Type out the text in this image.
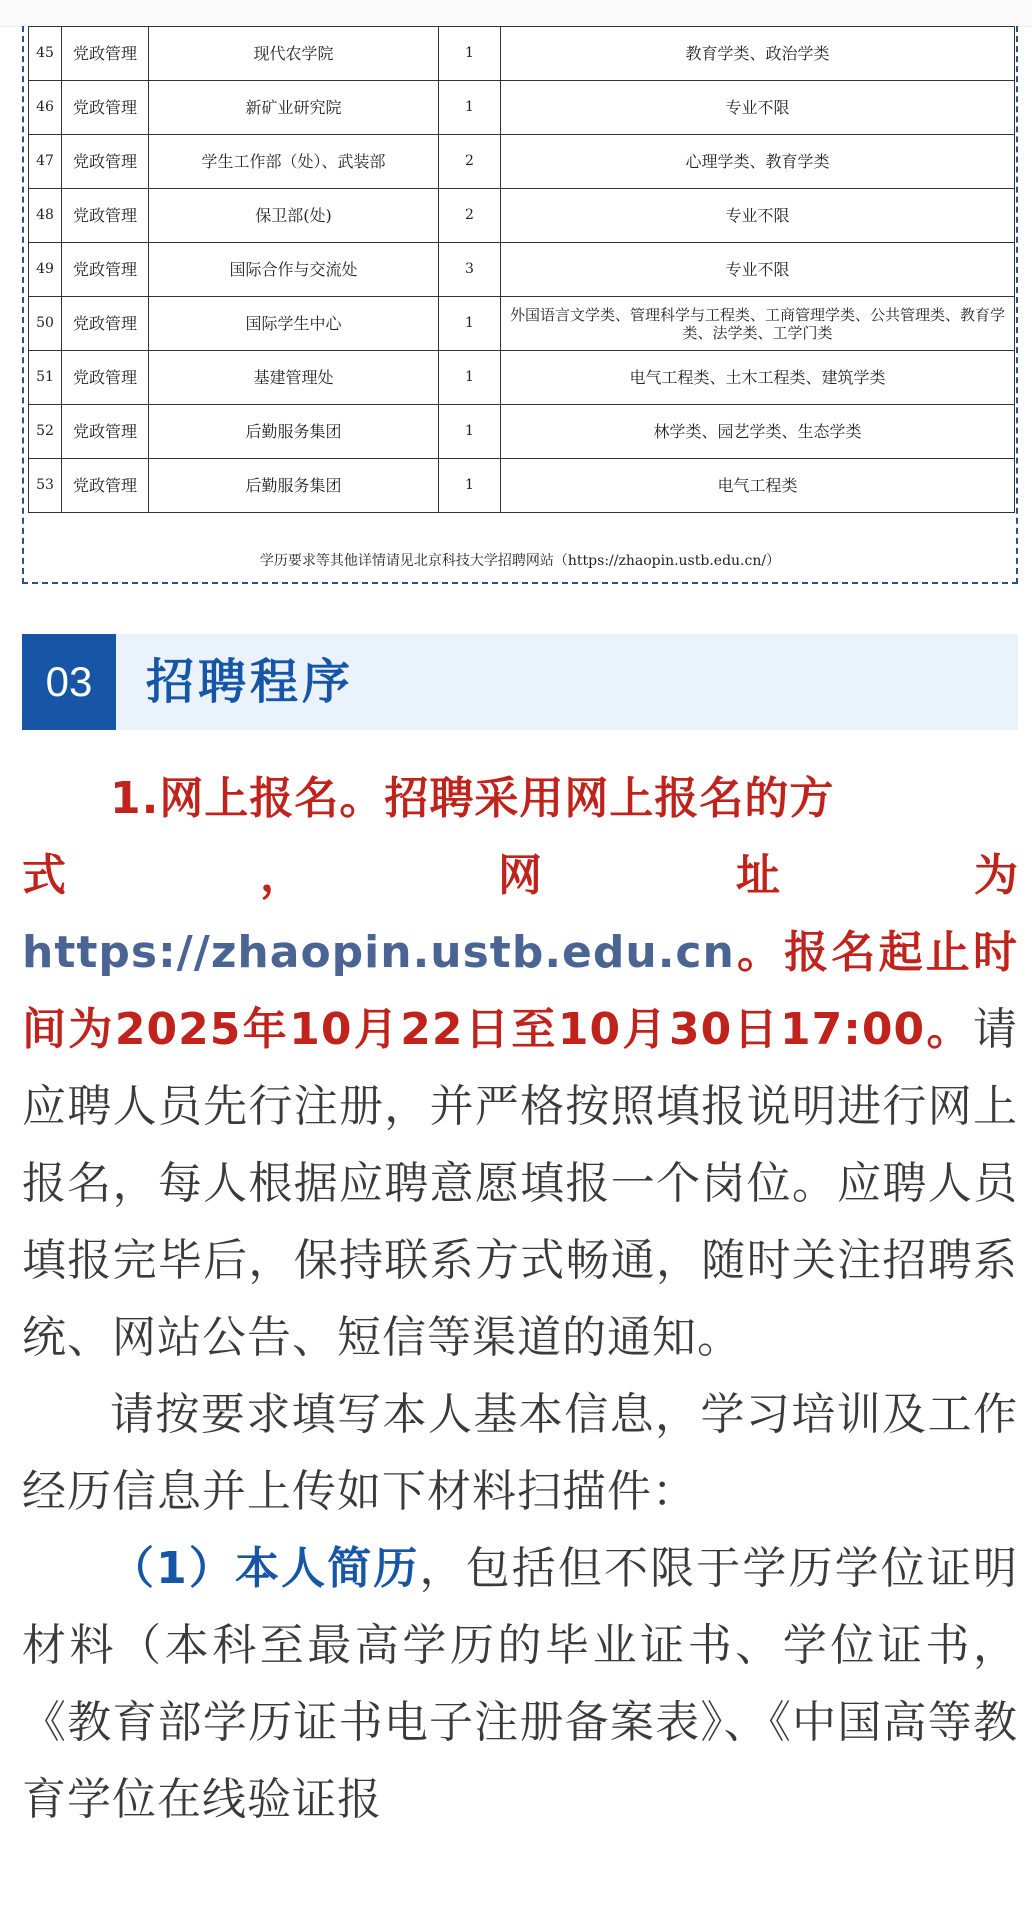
45	党政管理	现代农学院	1	教育学类、政治学类
46	党政管理	新矿业研究院	1	专业不限
47	党政管理	学生工作部（处）、武装部	2	心理学类、教育学类
48	党政管理	保卫部(处)	2	专业不限
49	党政管理	国际合作与交流处	3	专业不限
50	党政管理	国际学生中心	1	外国语言文学类、管理科学与工程类、工商管理学类、公共管理类、教育学类、法学类、工学门类
51	党政管理	基建管理处	1	电气工程类、土木工程类、建筑学类
52	党政管理	后勤服务集团	1	林学类、园艺学类、生态学类
53	党政管理	后勤服务集团	1	电气工程类
学历要求等其他详情请见北京科技大学招聘网站（https://zhaopin.ustb.edu.cn/）
03	招聘程序

1.网上报名。招聘采用网上报名的方

式	，	网	址	为

https://zhaopin.ustb.edu.cn。报名起止时间为2025年10月22日至10月30日17:00。请应聘人员先行注册，并严格按照填报说明进行网上报名，每人根据应聘意愿填报一个岗位。应聘人员填报完毕后，保持联系方式畅通，随时关注招聘系统、网站公告、短信等渠道的通知。

请按要求填写本人基本信息，学习培训及工作经历信息并上传如下材料扫描件：

（1）本人简历，包括但不限于学历学位证明材料（本科至最高学历的毕业证书、学位证书，《教育部学历证书电子注册备案表》、《中国高等教育学位在线验证报
